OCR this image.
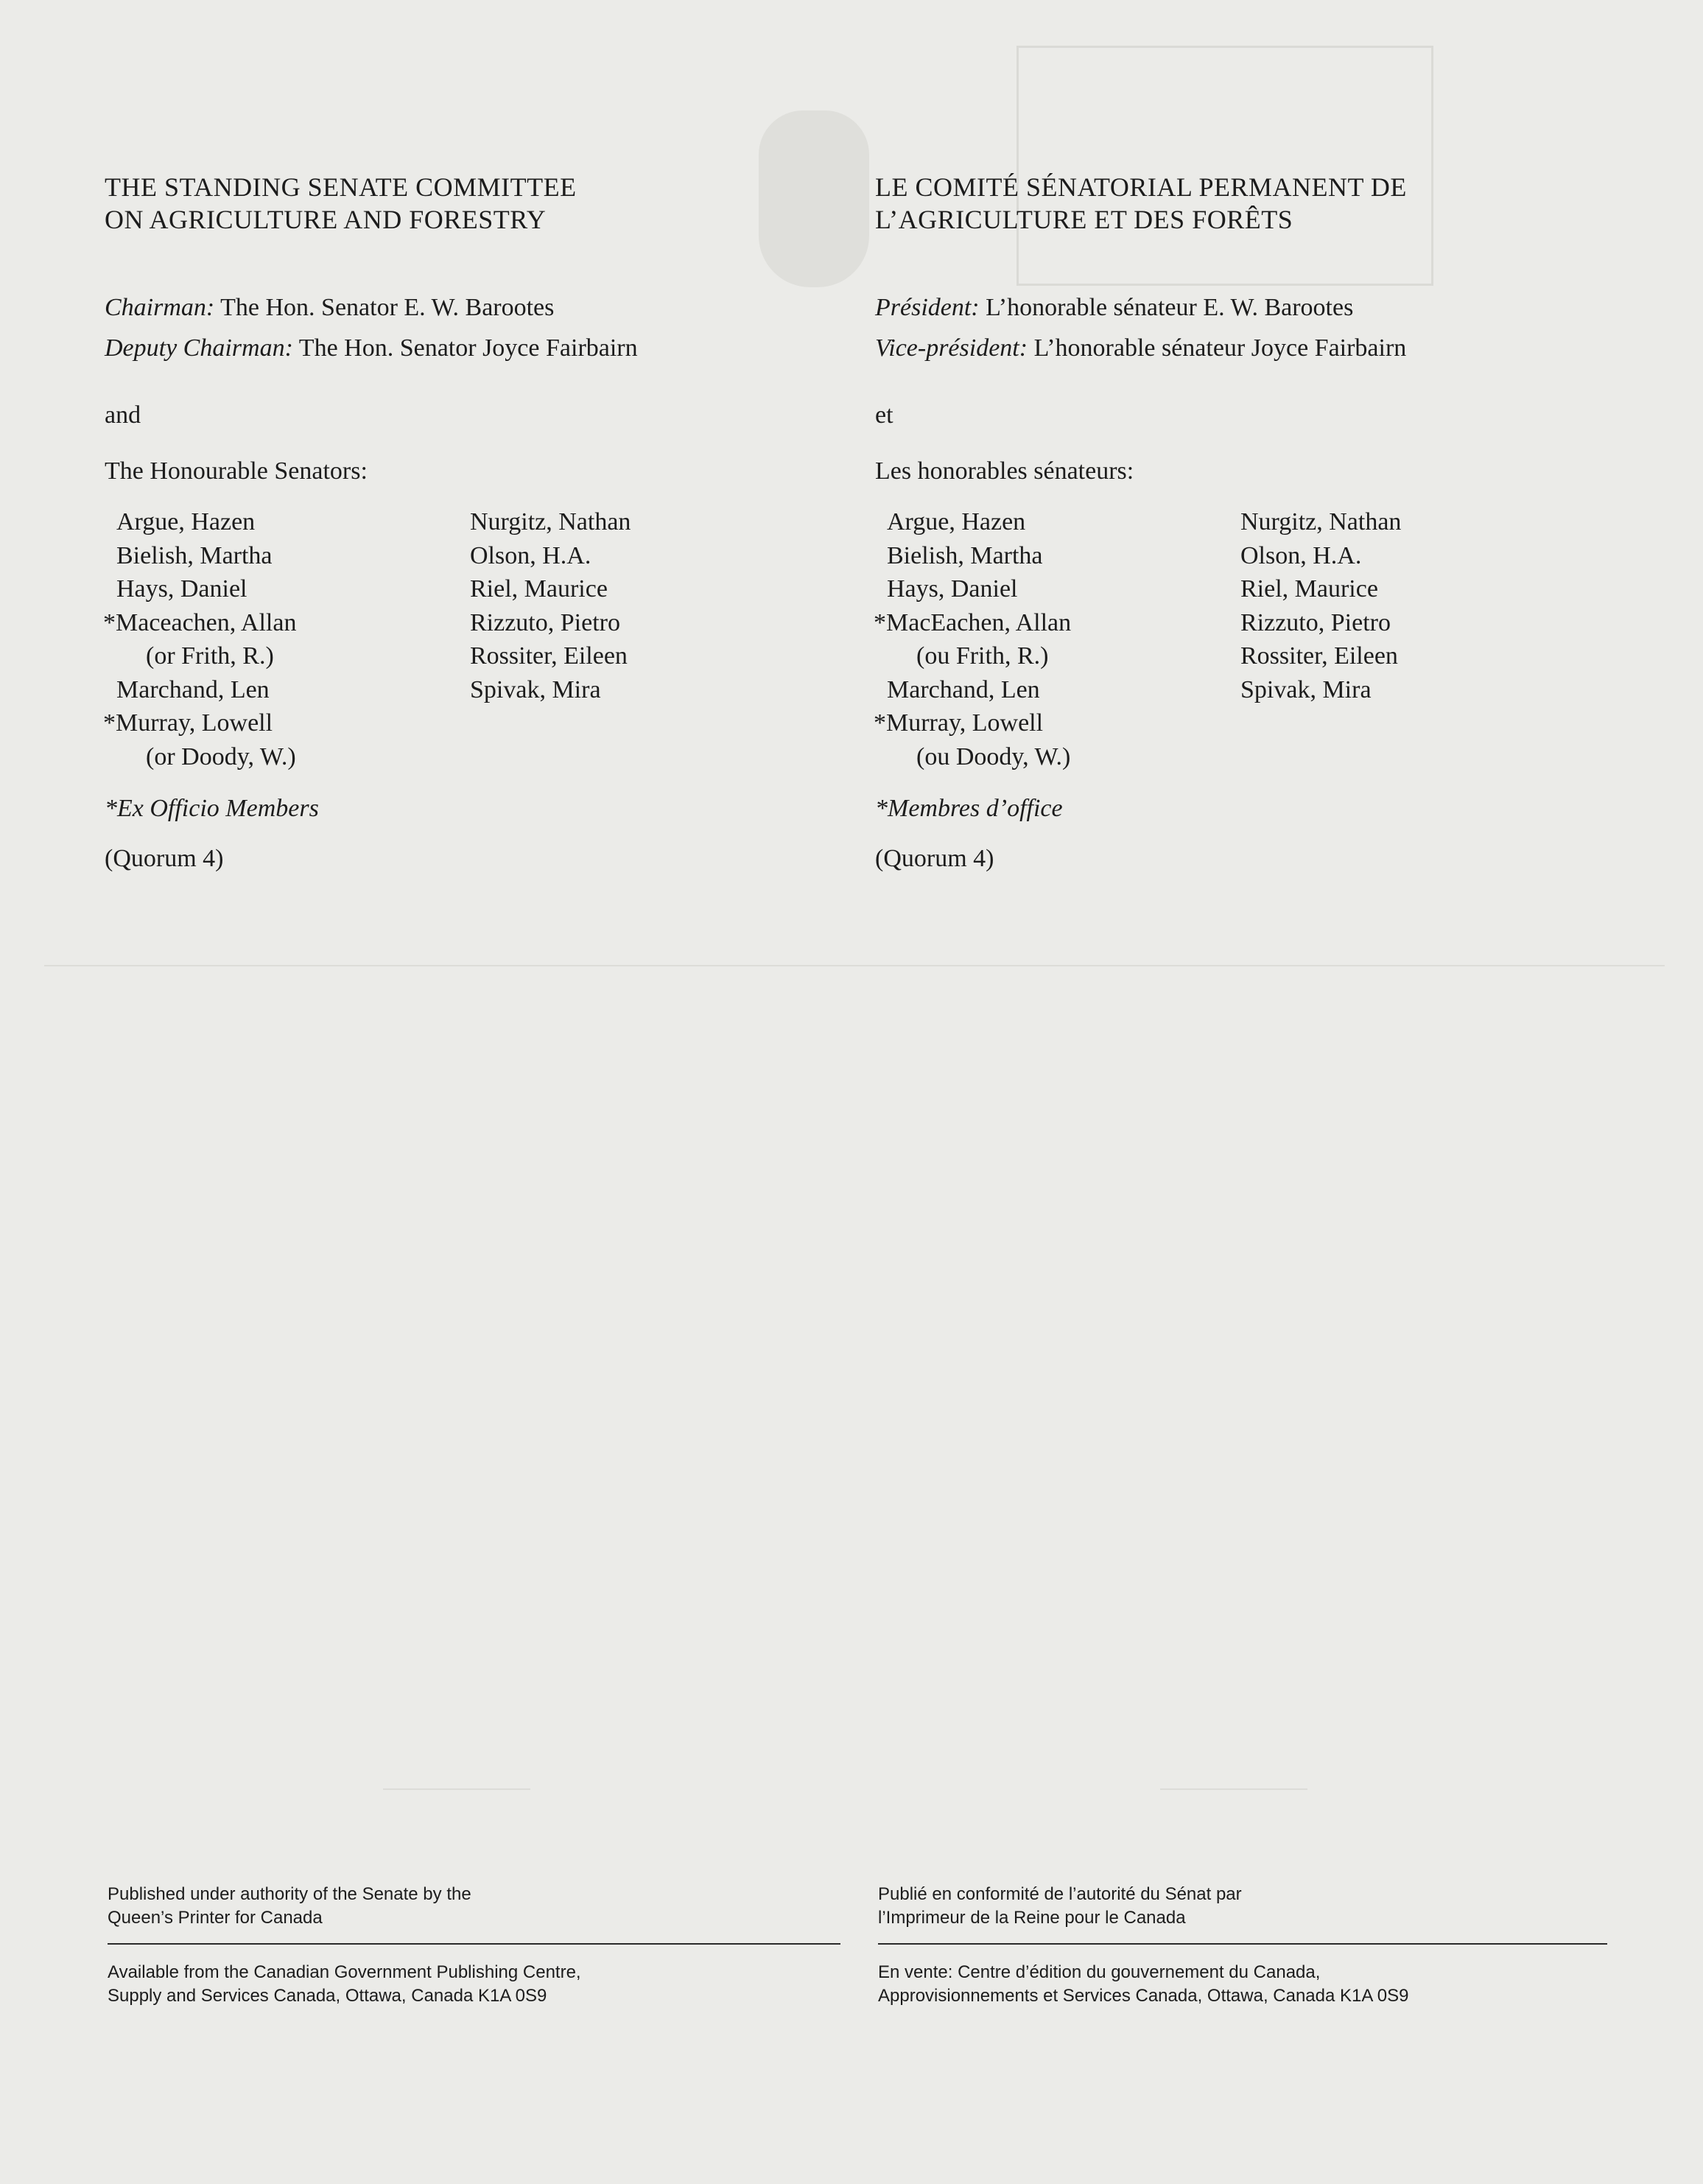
THE STANDING SENATE COMMITTEE
ON AGRICULTURE AND FORESTRY

Chairman: The Hon. Senator E. W. Barootes

Deputy Chairman: The Hon. Senator Joyce Fairbairn

and
The Honourable Senators:
Argue, Hazen
Bielish, Martha
Hays, Daniel
*Maceachen, Allan
(or Frith, R.)
Marchand, Len
*Murray, Lowell
(or Doody, W.)
Nurgitz, Nathan
Olson, H.A.
Riel, Maurice
Rizzuto, Pietro
Rossiter, Eileen
Spivak, Mira
*Ex Officio Members
(Quorum 4)
LE COMITÉ SÉNATORIAL PERMANENT DE
L’AGRICULTURE ET DES FORÊTS

Président: L’honorable sénateur E. W. Barootes

Vice-président: L’honorable sénateur Joyce Fairbairn

et
Les honorables sénateurs:
Argue, Hazen
Bielish, Martha
Hays, Daniel
*MacEachen, Allan
(ou Frith, R.)
Marchand, Len
*Murray, Lowell
(ou Doody, W.)
Nurgitz, Nathan
Olson, H.A.
Riel, Maurice
Rizzuto, Pietro
Rossiter, Eileen
Spivak, Mira
*Membres d’office
(Quorum 4)

Published under authority of the Senate by the

Queen’s Printer for Canada

Available from the Canadian Government Publishing Centre,

Supply and Services Canada, Ottawa, Canada K1A 0S9

Publié en conformité de l’autorité du Sénat par

l’Imprimeur de la Reine pour le Canada

En vente: Centre d’édition du gouvernement du Canada,

Approvisionnements et Services Canada, Ottawa, Canada K1A 0S9
